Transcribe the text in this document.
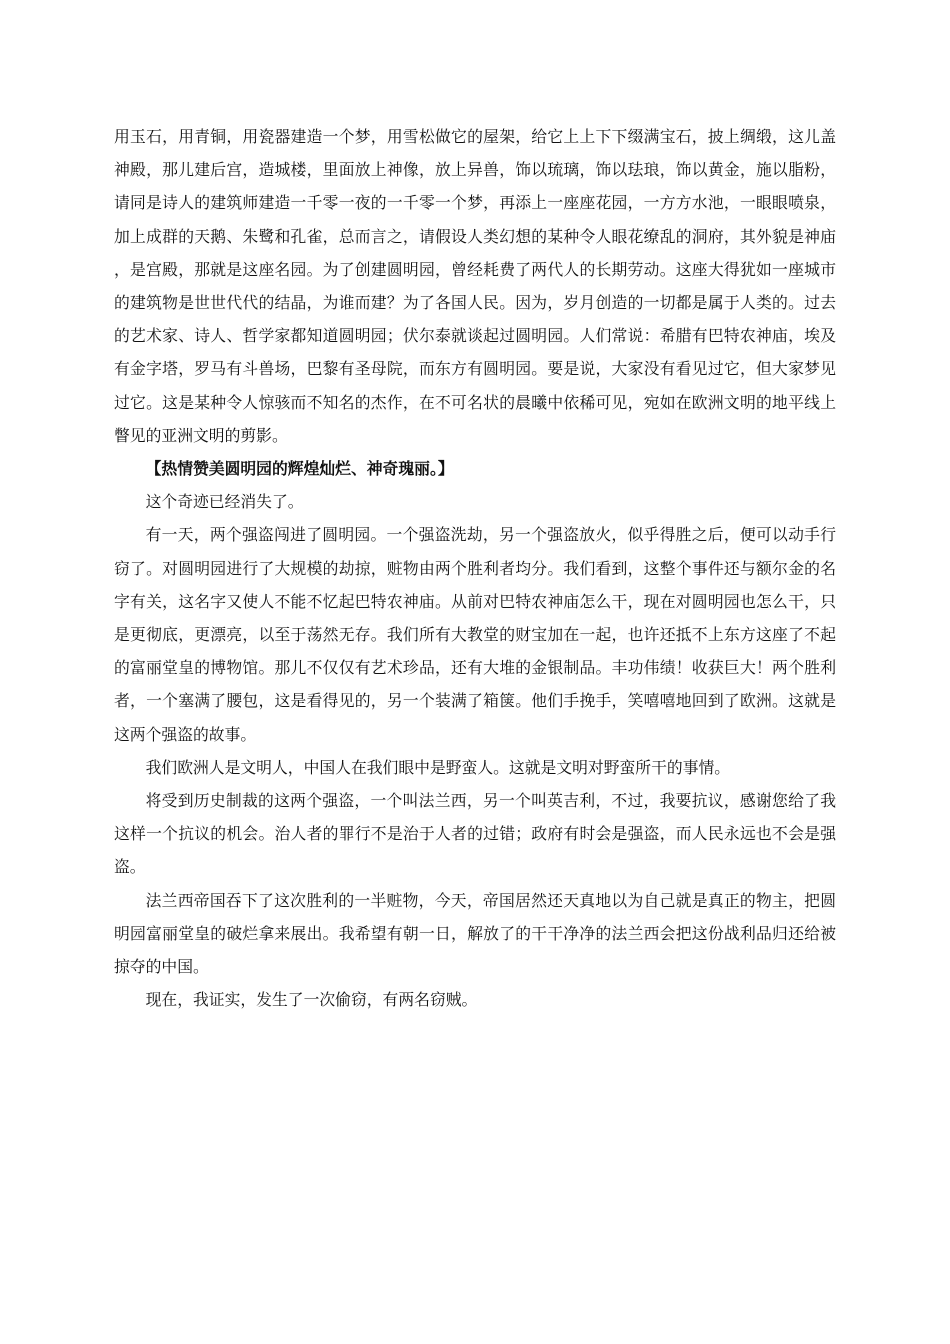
用玉石，用青铜，用瓷器建造一个梦，用雪松做它的屋架，给它上上下下缀满宝石，披上绸缎，这儿盖神殿，那儿建后宫，造城楼，里面放上神像，放上异兽，饰以琉璃，饰以珐琅，饰以黄金，施以脂粉，请同是诗人的建筑师建造一千零一夜的一千零一个梦，再添上一座座花园，一方方水池，一眼眼喷泉，加上成群的天鹅、朱鹭和孔雀，总而言之，请假设人类幻想的某种令人眼花缭乱的洞府，其外貌是神庙，是宫殿，那就是这座名园。为了创建圆明园，曾经耗费了两代人的长期劳动。这座大得犹如一座城市的建筑物是世世代代的结晶，为谁而建？为了各国人民。因为，岁月创造的一切都是属于人类的。过去的艺术家、诗人、哲学家都知道圆明园；伏尔泰就谈起过圆明园。人们常说：希腊有巴特农神庙，埃及有金字塔，罗马有斗兽场，巴黎有圣母院，而东方有圆明园。要是说，大家没有看见过它，但大家梦见过它。这是某种令人惊骇而不知名的杰作，在不可名状的晨曦中依稀可见，宛如在欧洲文明的地平线上瞥见的亚洲文明的剪影。

【热情赞美圆明园的辉煌灿烂、神奇瑰丽。】

这个奇迹已经消失了。

有一天，两个强盗闯进了圆明园。一个强盗洗劫，另一个强盗放火，似乎得胜之后，便可以动手行窃了。对圆明园进行了大规模的劫掠，赃物由两个胜利者均分。我们看到，这整个事件还与额尔金的名字有关，这名字又使人不能不忆起巴特农神庙。从前对巴特农神庙怎么干，现在对圆明园也怎么干，只是更彻底，更漂亮，以至于荡然无存。我们所有大教堂的财宝加在一起，也许还抵不上东方这座了不起的富丽堂皇的博物馆。那儿不仅仅有艺术珍品，还有大堆的金银制品。丰功伟绩！收获巨大！两个胜利者，一个塞满了腰包，这是看得见的，另一个装满了箱箧。他们手挽手，笑嘻嘻地回到了欧洲。这就是这两个强盗的故事。

我们欧洲人是文明人，中国人在我们眼中是野蛮人。这就是文明对野蛮所干的事情。

将受到历史制裁的这两个强盗，一个叫法兰西，另一个叫英吉利，不过，我要抗议，感谢您给了我这样一个抗议的机会。治人者的罪行不是治于人者的过错；政府有时会是强盗，而人民永远也不会是强盗。

法兰西帝国吞下了这次胜利的一半赃物，今天，帝国居然还天真地以为自己就是真正的物主，把圆明园富丽堂皇的破烂拿来展出。我希望有朝一日，解放了的干干净净的法兰西会把这份战利品归还给被掠夺的中国。

现在，我证实，发生了一次偷窃，有两名窃贼。
